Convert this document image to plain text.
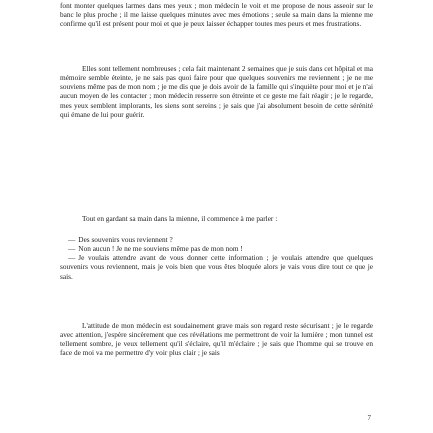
font monter quelques larmes dans mes yeux ; mon médecin le voit et me propose de nous asseoir sur le banc le plus proche ; il me laisse quelques minutes avec mes émotions ; seule sa main dans la mienne me confirme qu'il est présent pour moi et que je peux laisser échapper toutes mes peurs et mes frustrations.

Elles sont tellement nombreuses ; cela fait maintenant 2 semaines que je suis dans cet hôpital et ma mémoire semble éteinte, je ne sais pas quoi faire pour que quelques souvenirs me reviennent ; je ne me souviens même pas de mon nom ; je me dis que je dois avoir de la famille qui s'inquiète pour moi et je n'ai aucun moyen de les contacter ; mon médecin resserre son étreinte et ce geste me fait réagir ; je le regarde, mes yeux semblent implorants, les siens sont sereins ; je sais que j'ai absolument besoin de cette sérénité qui émane de lui pour guérir.

Tout en gardant sa main dans la mienne, il commence à me parler :

— Des souvenirs vous reviennent ?
— Non aucun ! Je ne me souviens même pas de mon nom !
— Je voulais attendre avant de vous donner cette information ; je voulais attendre que quelques souvenirs vous reviennent, mais je vois bien que vous êtes bloquée alors je vais vous dire tout ce que je sais.

L'attitude de mon médecin est soudainement grave mais son regard reste sécurisant ; je le regarde avec attention, j'espère sincèrement que ces révélations me permettront de voir la lumière ; mon tunnel est tellement sombre, je veux tellement qu'il s'éclaire, qu'il m'éclaire ; je sais que l'homme qui se trouve en face de moi va me permettre d'y voir plus clair ; je sais

7
